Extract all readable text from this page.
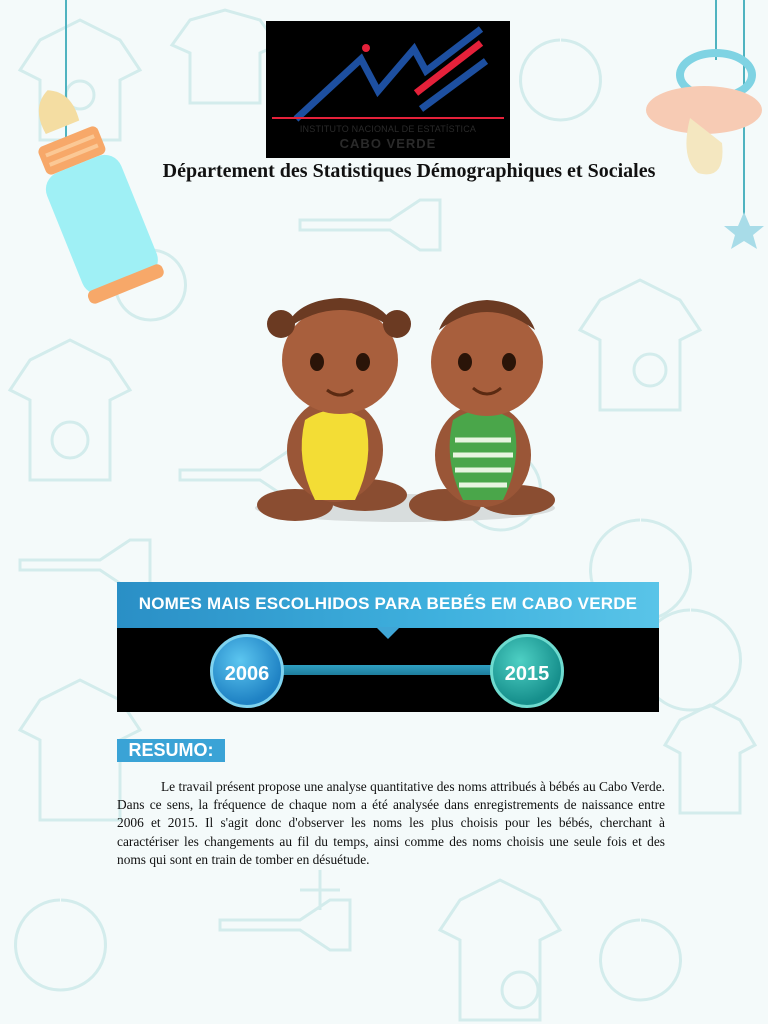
INSTITUTO NACIONAL DE ESTATÍSTICA
CABO VERDE
Département des Statistiques Démographiques et Sociales
NOMES MAIS ESCOLHIDOS PARA BEBÉS EM CABO VERDE
2006	2015
RESUMO:
Le travail présent propose une analyse quantitative des noms attribués à bébés au Cabo Verde. Dans ce sens, la fréquence de chaque nom a été analysée dans enregistrements de naissance entre 2006 et 2015. Il s'agit donc d'observer les noms les plus choisis pour les bébés, cherchant à caractériser les changements au fil du temps, ainsi comme des noms choisis une seule fois et des noms qui sont en train de tomber en désuétude.
